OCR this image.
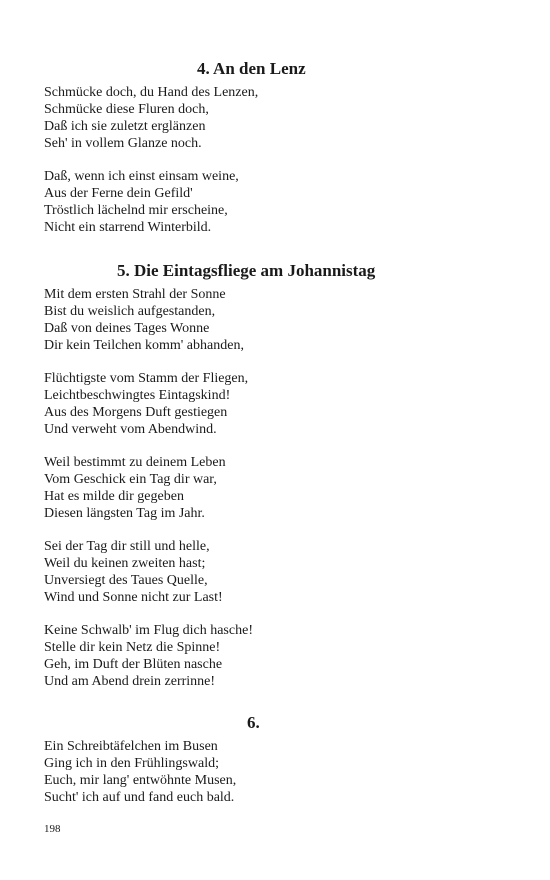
4. An den Lenz
Schmücke doch, du Hand des Lenzen,
Schmücke diese Fluren doch,
Daß ich sie zuletzt erglänzen
Seh' in vollem Glanze noch.
Daß, wenn ich einst einsam weine,
Aus der Ferne dein Gefild'
Tröstlich lächelnd mir erscheine,
Nicht ein starrend Winterbild.
5. Die Eintagsfliege am Johannistag
Mit dem ersten Strahl der Sonne
Bist du weislich aufgestanden,
Daß von deines Tages Wonne
Dir kein Teilchen komm' abhanden,
Flüchtigste vom Stamm der Fliegen,
Leichtbeschwingtes Eintagskind!
Aus des Morgens Duft gestiegen
Und verweht vom Abendwind.
Weil bestimmt zu deinem Leben
Vom Geschick ein Tag dir war,
Hat es milde dir gegeben
Diesen längsten Tag im Jahr.
Sei der Tag dir still und helle,
Weil du keinen zweiten hast;
Unversiegt des Taues Quelle,
Wind und Sonne nicht zur Last!
Keine Schwalb' im Flug dich hasche!
Stelle dir kein Netz die Spinne!
Geh, im Duft der Blüten nasche
Und am Abend drein zerrinne!
6.
Ein Schreibtäfelchen im Busen
Ging ich in den Frühlingswald;
Euch, mir lang' entwöhnte Musen,
Sucht' ich auf und fand euch bald.
198
